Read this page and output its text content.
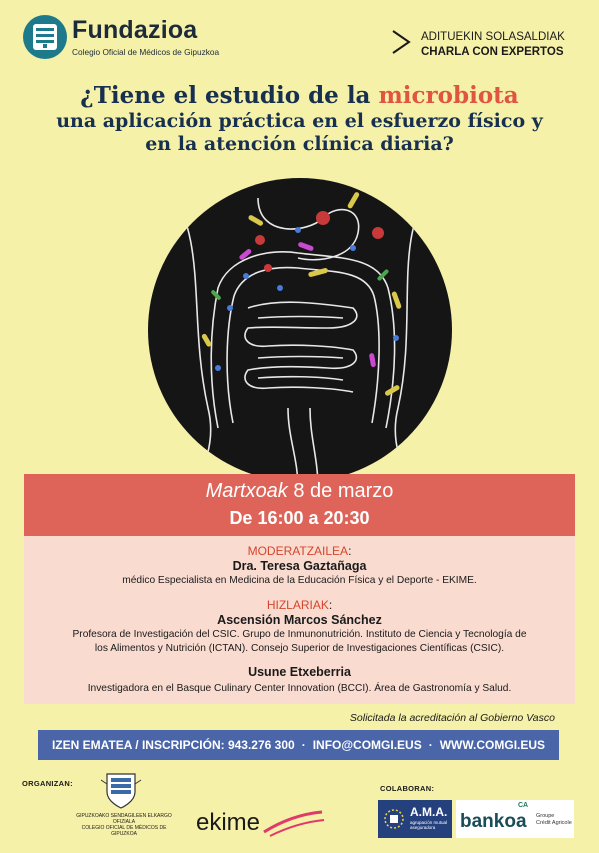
Fundazioa
Colegio Oficial de Médicos de Gipuzkoa
ADITUEKIN SOLASALDIAK
CHARLA CON EXPERTOS
¿Tiene el estudio de la microbiota
una aplicación práctica en el esfuerzo físico y
en la atención clínica diaria?
Martxoak 8 de marzo
De 16:00 a 20:30
MODERATZAILEA:
Dra. Teresa Gaztañaga
médico Especialista en Medicina de la Educación Física y el Deporte - EKIME.
HIZLARIAK:
Ascensión Marcos Sánchez
Profesora de Investigación del CSIC. Grupo de Inmunonutrición. Instituto de Ciencia y Tecnología de
los Alimentos y Nutrición (ICTAN). Consejo Superior de Investigaciones Científicas (CSIC).
Usune Etxeberria
Investigadora en el Basque Culinary Center Innovation (BCCI). Área de Gastronomía y Salud.
Solicitada la acreditación al Gobierno Vasco
IZEN EMATEA / INSCRIPCIÓN: 943.276 300 · INFO@COMGI.EUS · WWW.COMGI.EUS
ORGANIZAN:
GIPUZKOAKO SENDAGILEEN ELKARGO OFIZIALA
COLEGIO OFICIAL DE MÉDICOS DE GIPUZKOA	ekime
COLABORAN:
A.M.A.
agrupación mutual aseguradora
CA
bankoa Groupe
Crédit Agricole
